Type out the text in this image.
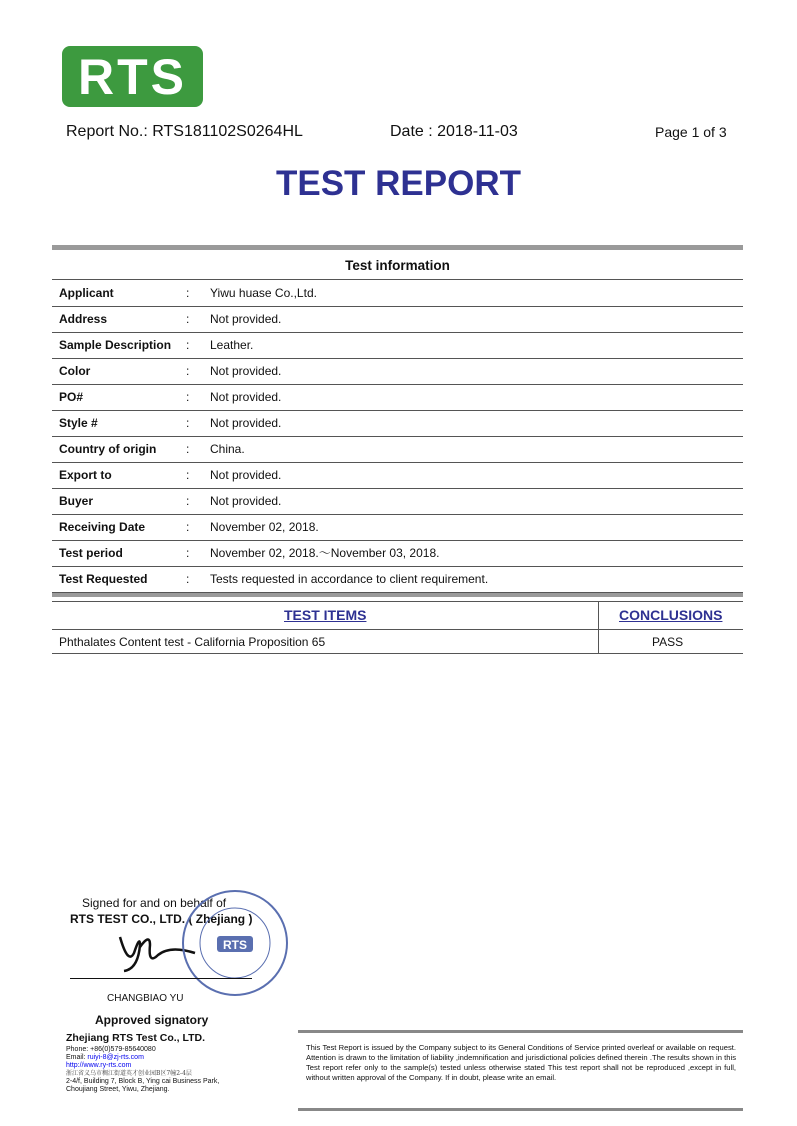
RTS
Report No.: RTS181102S0264HL	Date : 2018-11-03	Page 1 of 3
TEST REPORT
Test information
Applicant	: Yiwu huase Co.,Ltd.
Address	: Not provided.
Sample Description : Leather.
Color	: Not provided.
PO#	: Not provided.
Style #	: Not provided.
Country of origin : China.
Export to	: Not provided.
Buyer	: Not provided.
Receiving Date	: November 02, 2018.
Test period	: November 02, 2018.～November 03, 2018.
Test Requested	: Tests requested in accordance to client requirement.
TEST ITEMS	CONCLUSIONS
Phthalates Content test - California Proposition 65	PASS
Signed for and on behalf of
RTS TEST CO., LTD. ( Zhejiang )
RTS
CHANGBIAO YU
Approved signatory
Zhejiang RTS Test Co., LTD.
Phone: +86(0)579-85640080
Email: ruiyi-8@zj-rts.com
http://www.ry-rts.com
浙江省义乌市稠江街道英才创业园B区7幢2-4层
2-4/f, Building 7, Block B, Ying cai Business Park,
Choujiang Street, Yiwu, Zhejiang.

This Test Report is issued by the Company subject to its General Conditions of Service printed overleaf or available on request. Attention is drawn to the limitation of liability ,indemnification and jurisdictional policies defined therein .The results shown in this Test report refer only to the sample(s) tested unless otherwise stated This test report shall not be reproduced ,except in full, without written approval of the Company. If in doubt, please write an email.
